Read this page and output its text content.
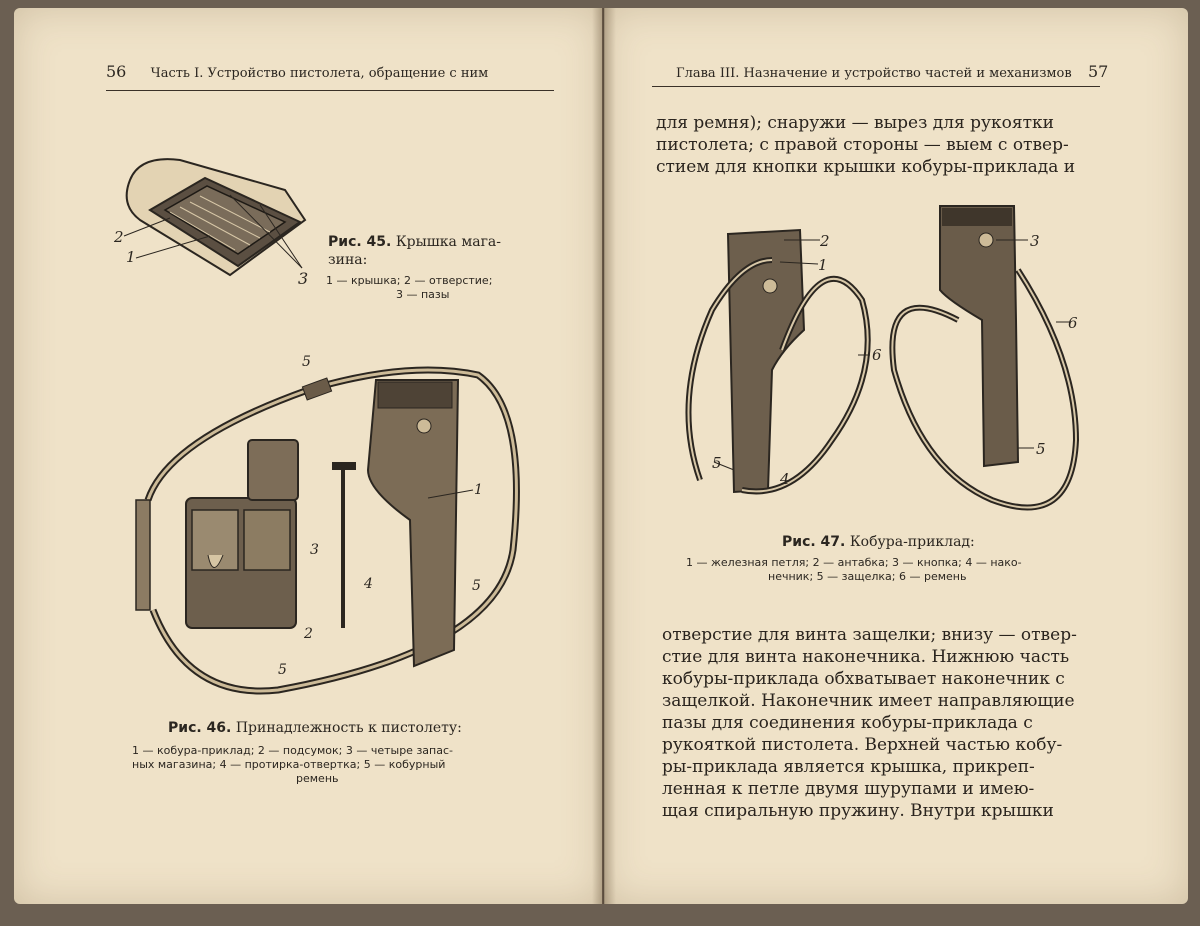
56 Часть I. Устройство пистолета, обращение с ним	Глава III. Назначение и устройство частей и механизмов 57
2
1
3
Рис. 45. Крышка мага-
зина:
1 — крышка; 2 — отверстие;
3 — пазы
5
1
3
4	5
2
5
Рис. 46. Принадлежность к пистолету:
1 — кобура-приклад; 2 — подсумок; 3 — четыре запас-
ных магазина; 4 — протирка-отвертка; 5 — кобурный
ремень
для ремня); снаружи — вырез для рукоятки
пистолета; с правой стороны — выем с отвер-
стием для кнопки крышки кобуры-приклада и
2
1
6
5
4
3
6
5
Рис. 47. Кобура-приклад:
1 — железная петля; 2 — антабка; 3 — кнопка; 4 — нако-
нечник; 5 — защелка; 6 — ремень
отверстие для винта защелки; внизу — отвер-
стие для винта наконечника. Нижнюю часть
кобуры-приклада обхватывает наконечник с
защелкой. Наконечник имеет направляющие
пазы для соединения кобуры-приклада с
рукояткой пистолета. Верхней частью кобу-
ры-приклада является крышка, прикреп-
ленная к петле двумя шурупами и имею-
щая спиральную пружину. Внутри крышки
